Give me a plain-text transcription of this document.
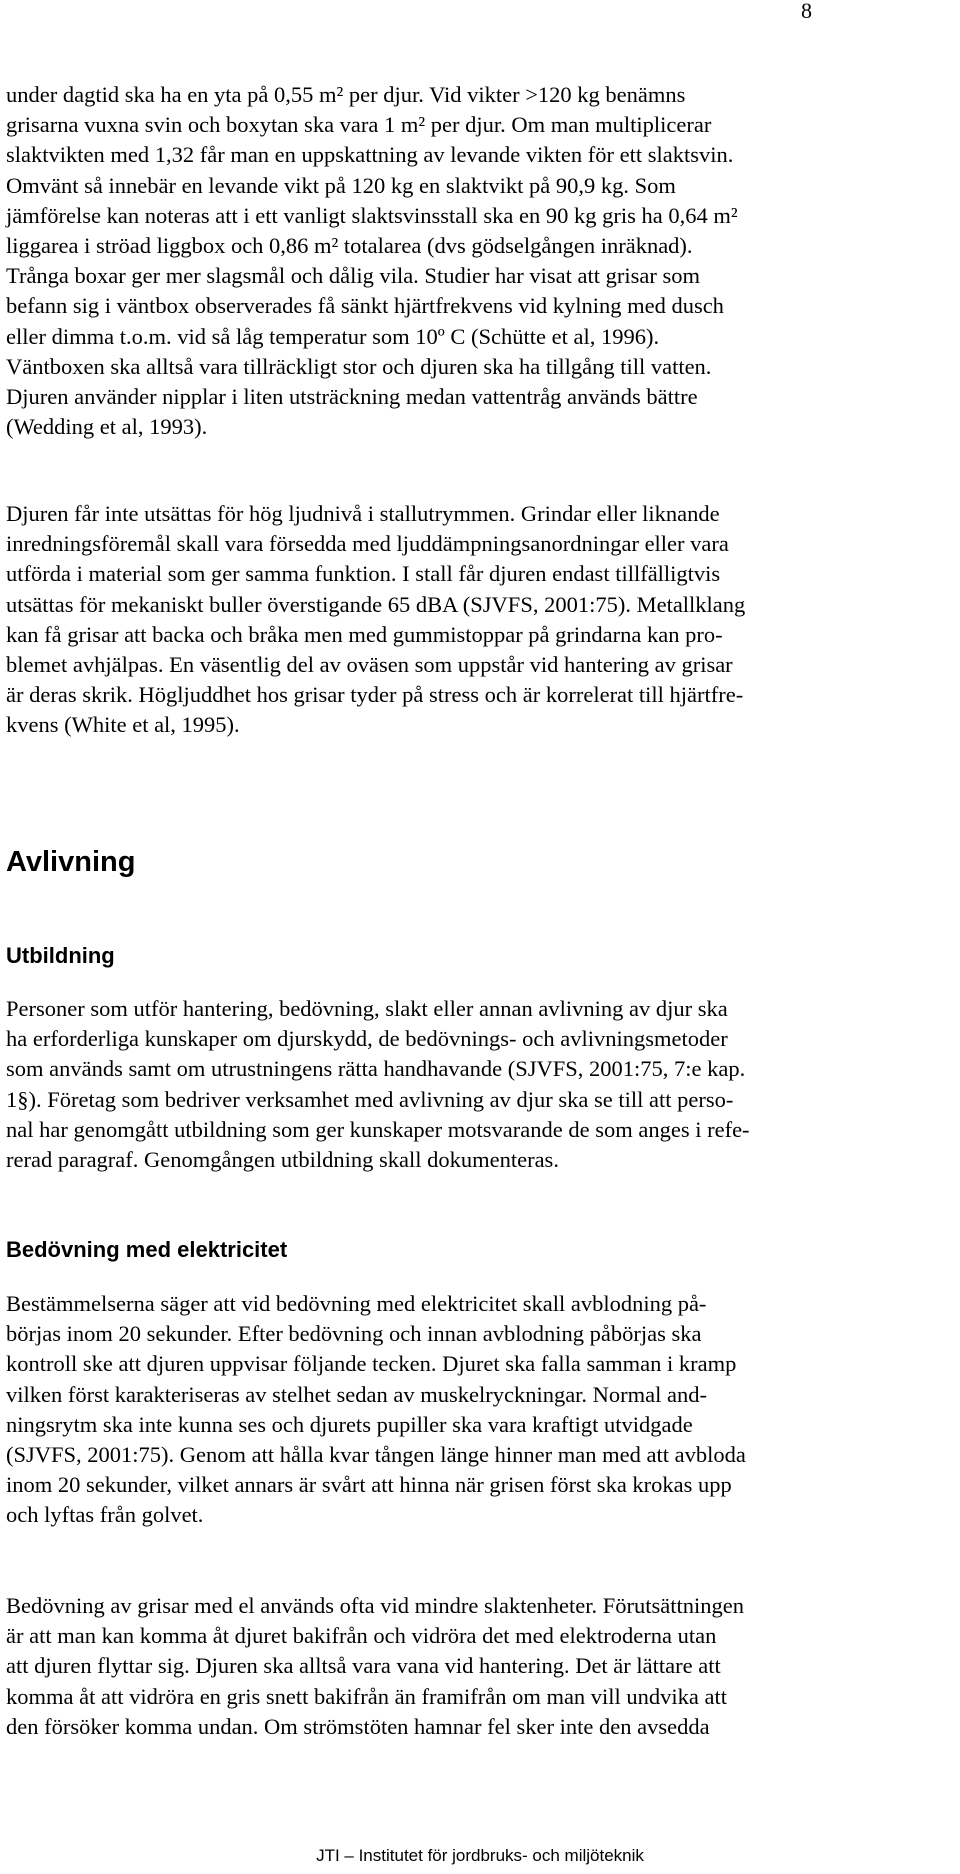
8
under dagtid ska ha en yta på 0,55 m² per djur. Vid vikter >120 kg benämns
grisarna vuxna svin och boxytan ska vara 1 m² per djur. Om man multiplicerar
slaktvikten med 1,32 får man en uppskattning av levande vikten för ett slaktsvin.
Omvänt så innebär en levande vikt på 120 kg en slaktvikt på 90,9 kg. Som
jämförelse kan noteras att i ett vanligt slaktsvinsstall ska en 90 kg gris ha 0,64 m²
liggarea i ströad liggbox och 0,86 m² totalarea (dvs gödselgången inräknad).
Trånga boxar ger mer slagsmål och dålig vila. Studier har visat att grisar som
befann sig i väntbox observerades få sänkt hjärtfrekvens vid kylning med dusch
eller dimma t.o.m. vid så låg temperatur som 10º C (Schütte et al, 1996).
Väntboxen ska alltså vara tillräckligt stor och djuren ska ha tillgång till vatten.
Djuren använder nipplar i liten utsträckning medan vattentråg används bättre
(Wedding et al, 1993).
Djuren får inte utsättas för hög ljudnivå i stallutrymmen. Grindar eller liknande
inredningsföremål skall vara försedda med ljuddämpningsanordningar eller vara
utförda i material som ger samma funktion. I stall får djuren endast tillfälligtvis
utsättas för mekaniskt buller överstigande 65 dBA (SJVFS, 2001:75). Metallklang
kan få grisar att backa och bråka men med gummistoppar på grindarna kan pro-
blemet avhjälpas. En väsentlig del av oväsen som uppstår vid hantering av grisar
är deras skrik. Högljuddhet hos grisar tyder på stress och är korrelerat till hjärtfre-
kvens (White et al, 1995).
Avlivning
Utbildning
Personer som utför hantering, bedövning, slakt eller annan avlivning av djur ska
ha erforderliga kunskaper om djurskydd, de bedövnings- och avlivningsmetoder
som används samt om utrustningens rätta handhavande (SJVFS, 2001:75, 7:e kap.
1§). Företag som bedriver verksamhet med avlivning av djur ska se till att perso-
nal har genomgått utbildning som ger kunskaper motsvarande de som anges i refe-
rerad paragraf. Genomgången utbildning skall dokumenteras.
Bedövning med elektricitet
Bestämmelserna säger att vid bedövning med elektricitet skall avblodning på-
börjas inom 20 sekunder. Efter bedövning och innan avblodning påbörjas ska
kontroll ske att djuren uppvisar följande tecken. Djuret ska falla samman i kramp
vilken först karakteriseras av stelhet sedan av muskelryckningar. Normal and-
ningsrytm ska inte kunna ses och djurets pupiller ska vara kraftigt utvidgade
(SJVFS, 2001:75). Genom att hålla kvar tången länge hinner man med att avbloda
inom 20 sekunder, vilket annars är svårt att hinna när grisen först ska krokas upp
och lyftas från golvet.
Bedövning av grisar med el används ofta vid mindre slaktenheter. Förutsättningen
är att man kan komma åt djuret bakifrån och vidröra det med elektroderna utan
att djuren flyttar sig. Djuren ska alltså vara vana vid hantering. Det är lättare att
komma åt att vidröra en gris snett bakifrån än framifrån om man vill undvika att
den försöker komma undan. Om strömstöten hamnar fel sker inte den avsedda
JTI – Institutet för jordbruks- och miljöteknik
